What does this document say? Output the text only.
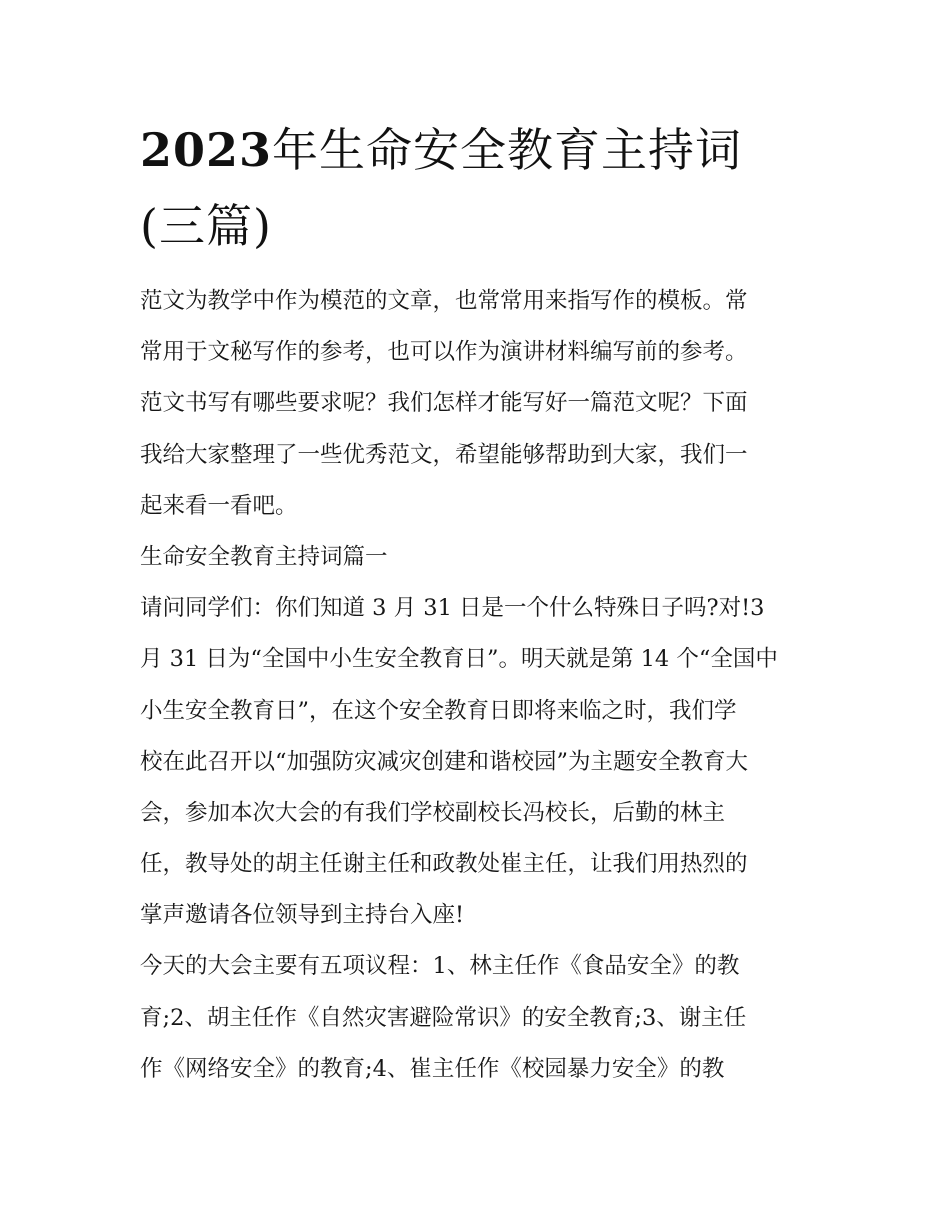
2023年生命安全教育主持词
(三篇)
范文为教学中作为模范的文章，也常常用来指写作的模板。常
常用于文秘写作的参考，也可以作为演讲材料编写前的参考。
范文书写有哪些要求呢？我们怎样才能写好一篇范文呢？下面
我给大家整理了一些优秀范文，希望能够帮助到大家，我们一
起来看一看吧。
生命安全教育主持词篇一
请问同学们：你们知道 3 月 31 日是一个什么特殊日子吗?对!3
月 31 日为“全国中小生安全教育日”。明天就是第 14 个“全国中
小生安全教育日”，在这个安全教育日即将来临之时，我们学
校在此召开以“加强防灾减灾创建和谐校园”为主题安全教育大
会，参加本次大会的有我们学校副校长冯校长，后勤的林主
任，教导处的胡主任谢主任和政教处崔主任，让我们用热烈的
掌声邀请各位领导到主持台入座!
今天的大会主要有五项议程：1、林主任作《食品安全》的教
育;2、胡主任作《自然灾害避险常识》的安全教育;3、谢主任
作《网络安全》的教育;4、崔主任作《校园暴力安全》的教
